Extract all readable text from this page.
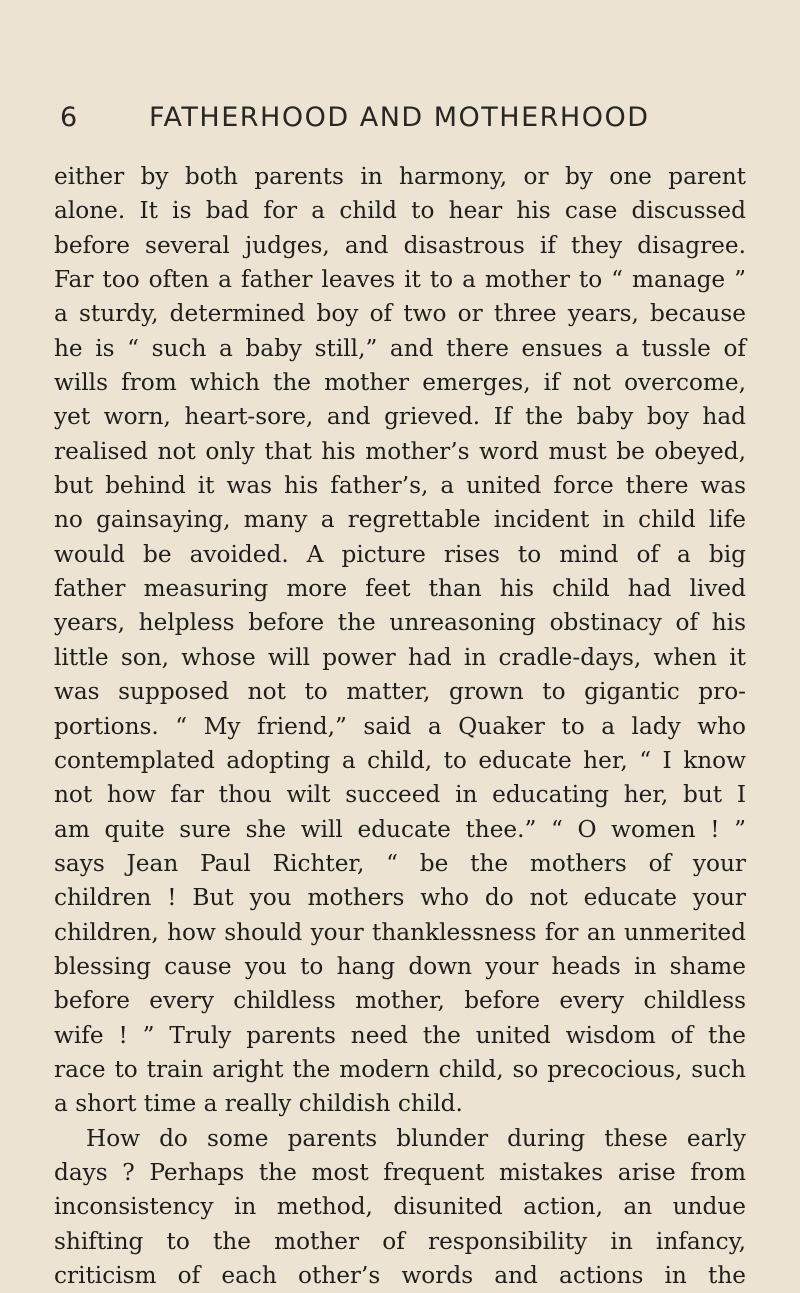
6	FATHERHOOD AND MOTHERHOOD
either by both parents in harmony, or by one parent
alone. It is bad for a child to hear his case discussed
before several judges, and disastrous if they disagree.
Far too often a father leaves it to a mother to “ manage ”
a sturdy, determined boy of two or three years, because
he is “ such a baby still,” and there ensues a tussle of
wills from which the mother emerges, if not overcome,
yet worn, heart-sore, and grieved. If the baby boy had
realised not only that his mother’s word must be obeyed,
but behind it was his father’s, a united force there was
no gainsaying, many a regrettable incident in child life
would be avoided. A picture rises to mind of a big
father measuring more feet than his child had lived
years, helpless before the unreasoning obstinacy of his
little son, whose will power had in cradle-days, when it
was supposed not to matter, grown to gigantic pro-
portions. “ My friend,” said a Quaker to a lady who
contemplated adopting a child, to educate her, “ I know
not how far thou wilt succeed in educating her, but I
am quite sure she will educate thee.” “ O women ! ”
says Jean Paul Richter, “ be the mothers of your
children ! But you mothers who do not educate your
children, how should your thanklessness for an unmerited
blessing cause you to hang down your heads in shame
before every childless mother, before every childless
wife ! ” Truly parents need the united wisdom of the
race to train aright the modern child, so precocious, such
a short time a really childish child.
How do some parents blunder during these early
days ? Perhaps the most frequent mistakes arise from
inconsistency in method, disunited action, an undue
shifting to the mother of responsibility in infancy,
criticism of each other’s words and actions in the
